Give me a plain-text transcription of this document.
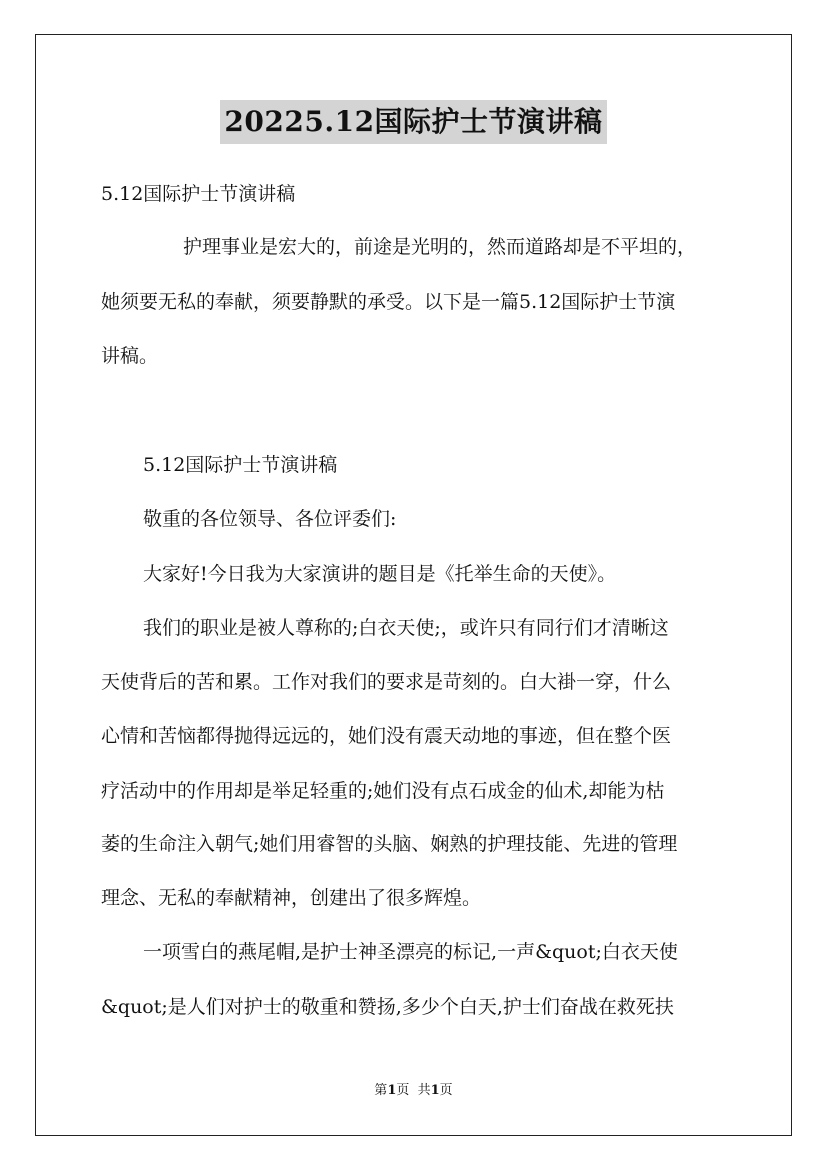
20225.12国际护士节演讲稿
5.12国际护士节演讲稿
护理事业是宏大的，前途是光明的，然而道路却是不平坦的，
她须要无私的奉献，须要静默的承受。以下是一篇5.12国际护士节演
讲稿。
5.12国际护士节演讲稿
敬重的各位领导、各位评委们:
大家好!今日我为大家演讲的题目是《托举生命的天使》。
我们的职业是被人尊称的;白衣天使;，或许只有同行们才清晰这
天使背后的苦和累。工作对我们的要求是苛刻的。白大褂一穿，什么
心情和苦恼都得抛得远远的，她们没有震天动地的事迹，但在整个医
疗活动中的作用却是举足轻重的;她们没有点石成金的仙术,却能为枯
萎的生命注入朝气;她们用睿智的头脑、娴熟的护理技能、先进的管理
理念、无私的奉献精神，创建出了很多辉煌。
一项雪白的燕尾帽,是护士神圣漂亮的标记,一声&quot;白衣天使
&quot;是人们对护士的敬重和赞扬,多少个白天,护士们奋战在救死扶
第1页  共1页
